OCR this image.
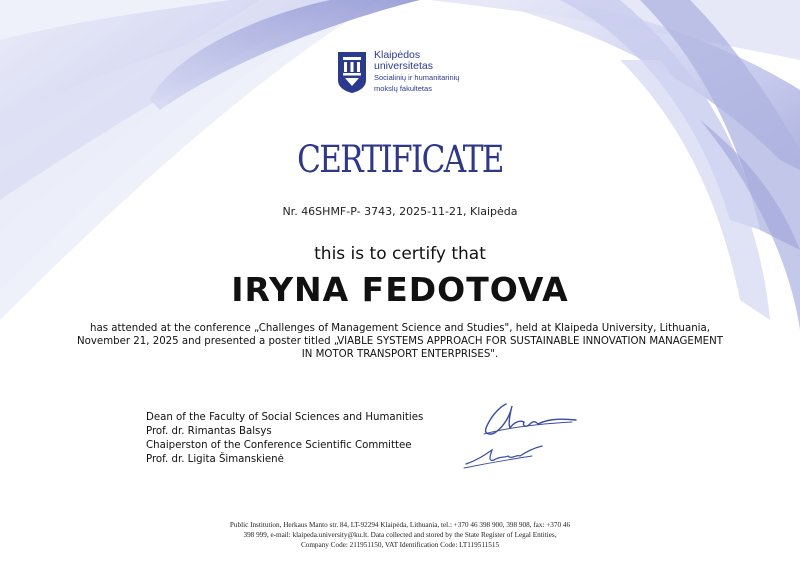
Klaipėdos
universitetas
Socialinių ir humanitarinių
mokslų fakultetas
CERTIFICATE
Nr. 46SHMF-P- 3743, 2025-11-21, Klaipėda
this is to certify that
IRYNA FEDOTOVA
has attended at the conference „Challenges of Management Science and Studies", held at Klaipeda University, Lithuania,
November 21, 2025 and presented a poster titled „VIABLE SYSTEMS APPROACH FOR SUSTAINABLE INNOVATION MANAGEMENT
IN MOTOR TRANSPORT ENTERPRISES".
Dean of the Faculty of Social Sciences and Humanities
Prof. dr. Rimantas Balsys
Chaiperston of the Conference Scientific Committee
Prof. dr. Ligita Šimanskienė
Public Institution, Herkaus Manto str. 84, LT-92294 Klaipėda, Lithuania, tel.: +370 46 398 900, 398 908, fax: +370 46
398 999, e-mail: klaipeda.university@ku.lt. Data collected and stored by the State Register of Legal Entities,
Company Code: 211951150, VAT Identification Code: LT119511515
